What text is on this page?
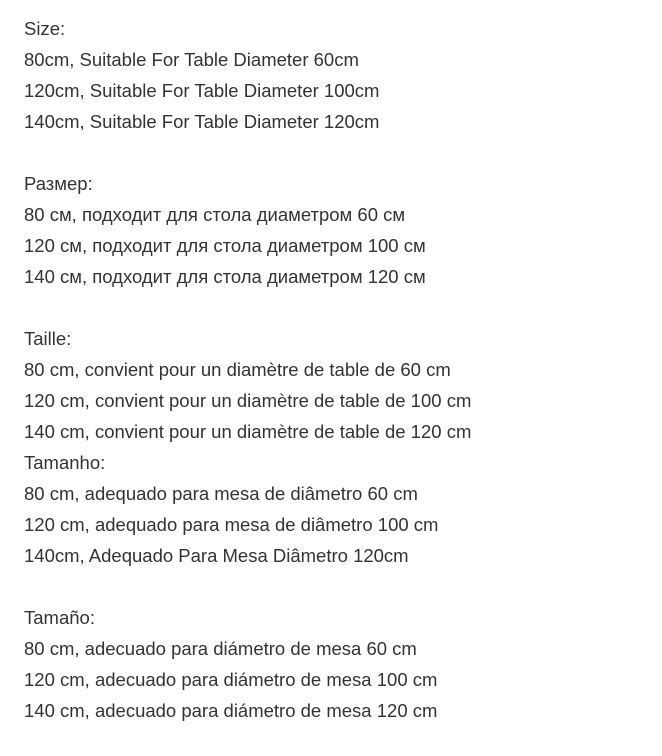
Size:
80cm, Suitable For Table Diameter 60cm
120cm, Suitable For Table Diameter 100cm
140cm, Suitable For Table Diameter 120cm
Размер:
80 см, подходит для стола диаметром 60 см
120 см, подходит для стола диаметром 100 см
140 см, подходит для стола диаметром 120 см
Taille:
80 cm, convient pour un diamètre de table de 60 cm
120 cm, convient pour un diamètre de table de 100 cm
140 cm, convient pour un diamètre de table de 120 cm
Tamanho:
80 cm, adequado para mesa de diâmetro 60 cm
120 cm, adequado para mesa de diâmetro 100 cm
140cm, Adequado Para Mesa Diâmetro 120cm
Tamaño:
80 cm, adecuado para diámetro de mesa 60 cm
120 cm, adecuado para diámetro de mesa 100 cm
140 cm, adecuado para diámetro de mesa 120 cm
